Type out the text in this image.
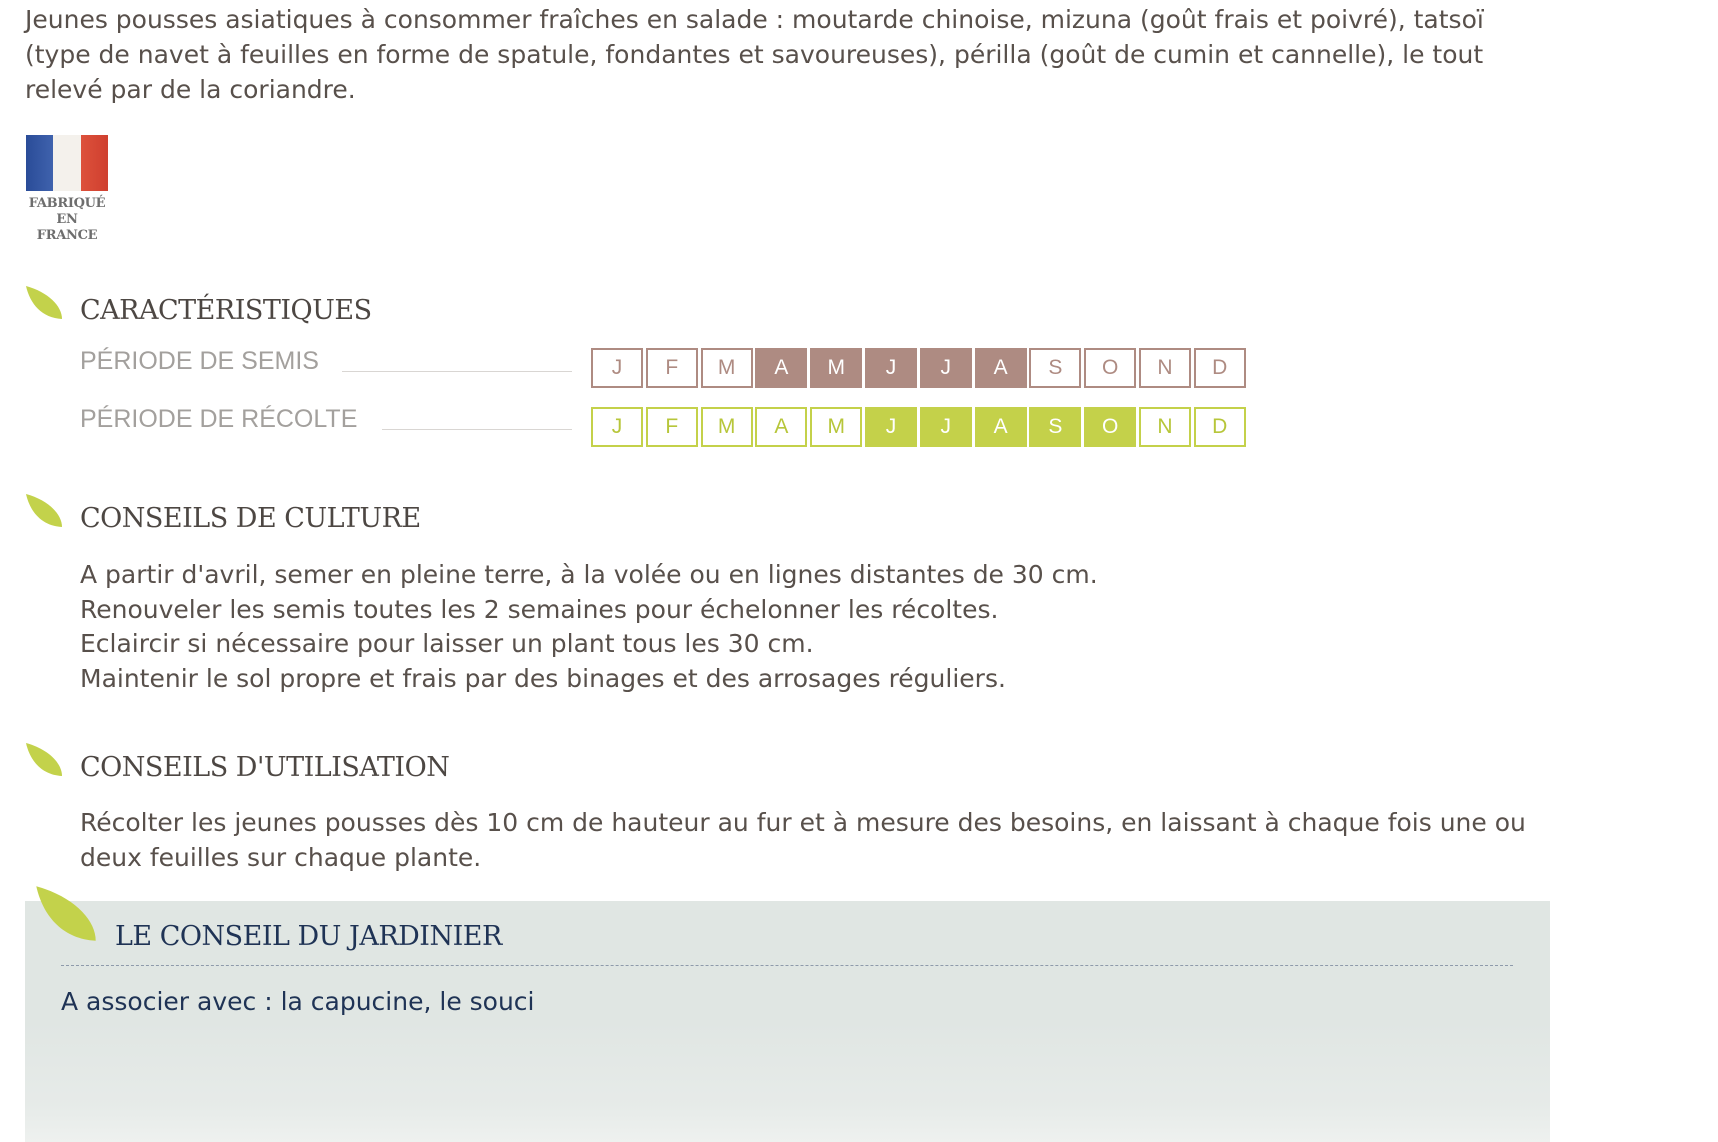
Jeunes pousses asiatiques à consommer fraîches en salade : moutarde chinoise, mizuna (goût frais et poivré), tatsoï (type de navet à feuilles en forme de spatule, fondantes et savoureuses), périlla (goût de cumin et cannelle), le tout relevé par de la coriandre.
FABRIQUÉ
EN FRANCE
CARACTÉRISTIQUES
PÉRIODE DE SEMIS	J	F	M	A	M	J	J	A	S	O	N	D
PÉRIODE DE RÉCOLTE	J	F	M	A	M	J	J	A	S	O	N	D
CONSEILS DE CULTURE

A partir d'avril, semer en pleine terre, à la volée ou en lignes distantes de 30 cm.

Renouveler les semis toutes les 2 semaines pour échelonner les récoltes.

Eclaircir si nécessaire pour laisser un plant tous les 30 cm.

Maintenir le sol propre et frais par des binages et des arrosages réguliers.

CONSEILS D'UTILISATION
Récolter les jeunes pousses dès 10 cm de hauteur au fur et à mesure des besoins, en laissant à chaque fois une ou deux feuilles sur chaque plante.
LE CONSEIL DU JARDINIER

A associer avec : la capucine, le souci
